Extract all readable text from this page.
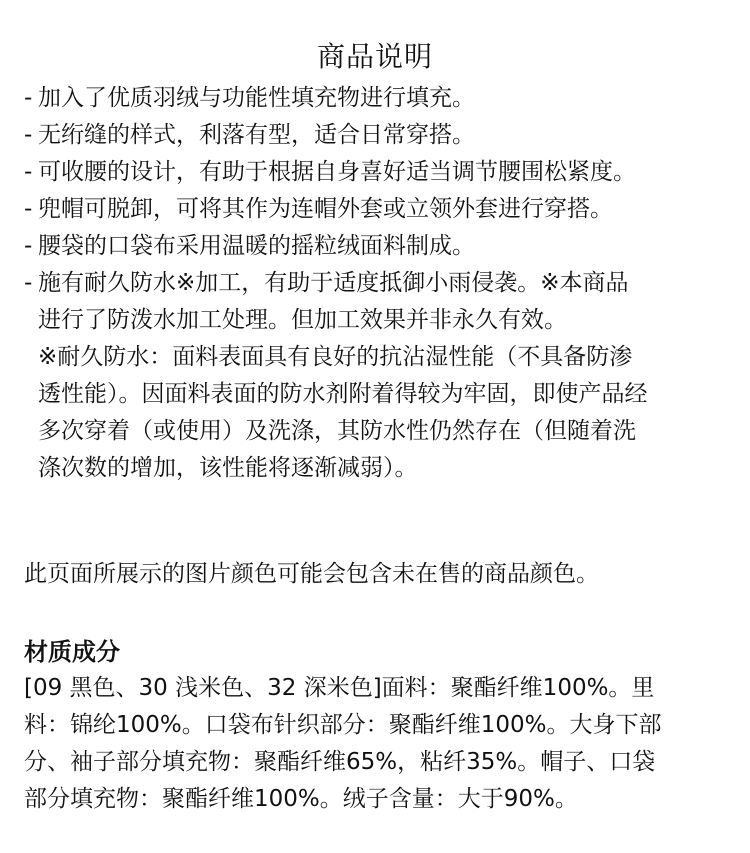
商品说明
- 加入了优质羽绒与功能性填充物进行填充。
- 无绗缝的样式，利落有型，适合日常穿搭。
- 可收腰的设计，有助于根据自身喜好适当调节腰围松紧度。
- 兜帽可脱卸，可将其作为连帽外套或立领外套进行穿搭。
- 腰袋的口袋布采用温暖的摇粒绒面料制成。
- 施有耐久防水※加工，有助于适度抵御小雨侵袭。※本商品
进行了防泼水加工处理。但加工效果并非永久有效。
※耐久防水：面料表面具有良好的抗沾湿性能（不具备防渗
透性能）。因面料表面的防水剂附着得较为牢固，即使产品经
多次穿着（或使用）及洗涤，其防水性仍然存在（但随着洗
涤次数的增加，该性能将逐渐减弱）。

此页面所展示的图片颜色可能会包含未在售的商品颜色。

材质成分
[09 黑色、30 浅米色、32 深米色]面料：聚酯纤维100%。里
料：锦纶100%。口袋布针织部分：聚酯纤维100%。大身下部
分、袖子部分填充物：聚酯纤维65%，粘纤35%。帽子、口袋
部分填充物：聚酯纤维100%。绒子含量：大于90%。
